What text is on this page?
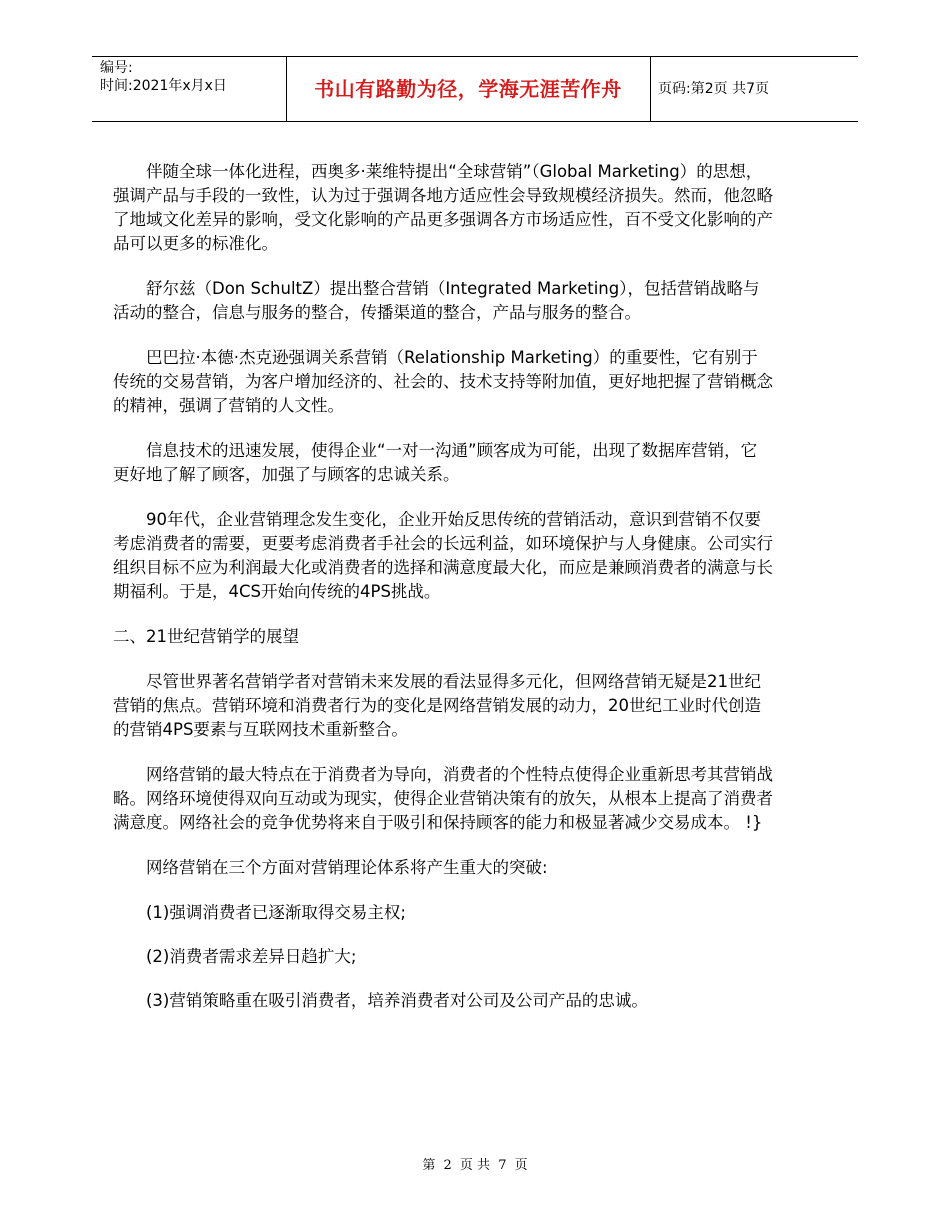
编号:
时间:2021年x月x日	书山有路勤为径，学海无涯苦作舟	页码:第2页 共7页

伴随全球一体化进程，西奥多·莱维特提出“全球营销”（Global Marketing）的思想，强调产品与手段的一致性，认为过于强调各地方适应性会导致规模经济损失。然而，他忽略了地域文化差异的影响，受文化影响的产品更多强调各方市场适应性，百不受文化影响的产品可以更多的标准化。

舒尔兹（Don SchultZ）提出整合营销（Integrated Marketing），包括营销战略与活动的整合，信息与服务的整合，传播渠道的整合，产品与服务的整合。

巴巴拉·本德·杰克逊强调关系营销（Relationship Marketing）的重要性，它有别于传统的交易营销，为客户增加经济的、社会的、技术支持等附加值，更好地把握了营销概念的精神，强调了营销的人文性。

信息技术的迅速发展，使得企业“一对一沟通”顾客成为可能，出现了数据库营销，它更好地了解了顾客，加强了与顾客的忠诚关系。

90年代，企业营销理念发生变化，企业开始反思传统的营销活动，意识到营销不仅要考虑消费者的需要，更要考虑消费者手社会的长远利益，如环境保护与人身健康。公司实行组织目标不应为利润最大化或消费者的选择和满意度最大化，而应是兼顾消费者的满意与长期福利。于是，4CS开始向传统的4PS挑战。

二、21世纪营销学的展望

尽管世界著名营销学者对营销未来发展的看法显得多元化，但网络营销无疑是21世纪营销的焦点。营销环境和消费者行为的变化是网络营销发展的动力，20世纪工业时代创造的营销4PS要素与互联网技术重新整合。

网络营销的最大特点在于消费者为导向，消费者的个性特点使得企业重新思考其营销战略。网络环境使得双向互动或为现实，使得企业营销决策有的放矢，从根本上提高了消费者满意度。网络社会的竞争优势将来自于吸引和保持顾客的能力和极显著减少交易成本。 !}

网络营销在三个方面对营销理论体系将产生重大的突破:

(1)强调消费者已逐渐取得交易主权;

(2)消费者需求差异日趋扩大;

(3)营销策略重在吸引消费者，培养消费者对公司及公司产品的忠诚。

第 2 页 共 7 页
